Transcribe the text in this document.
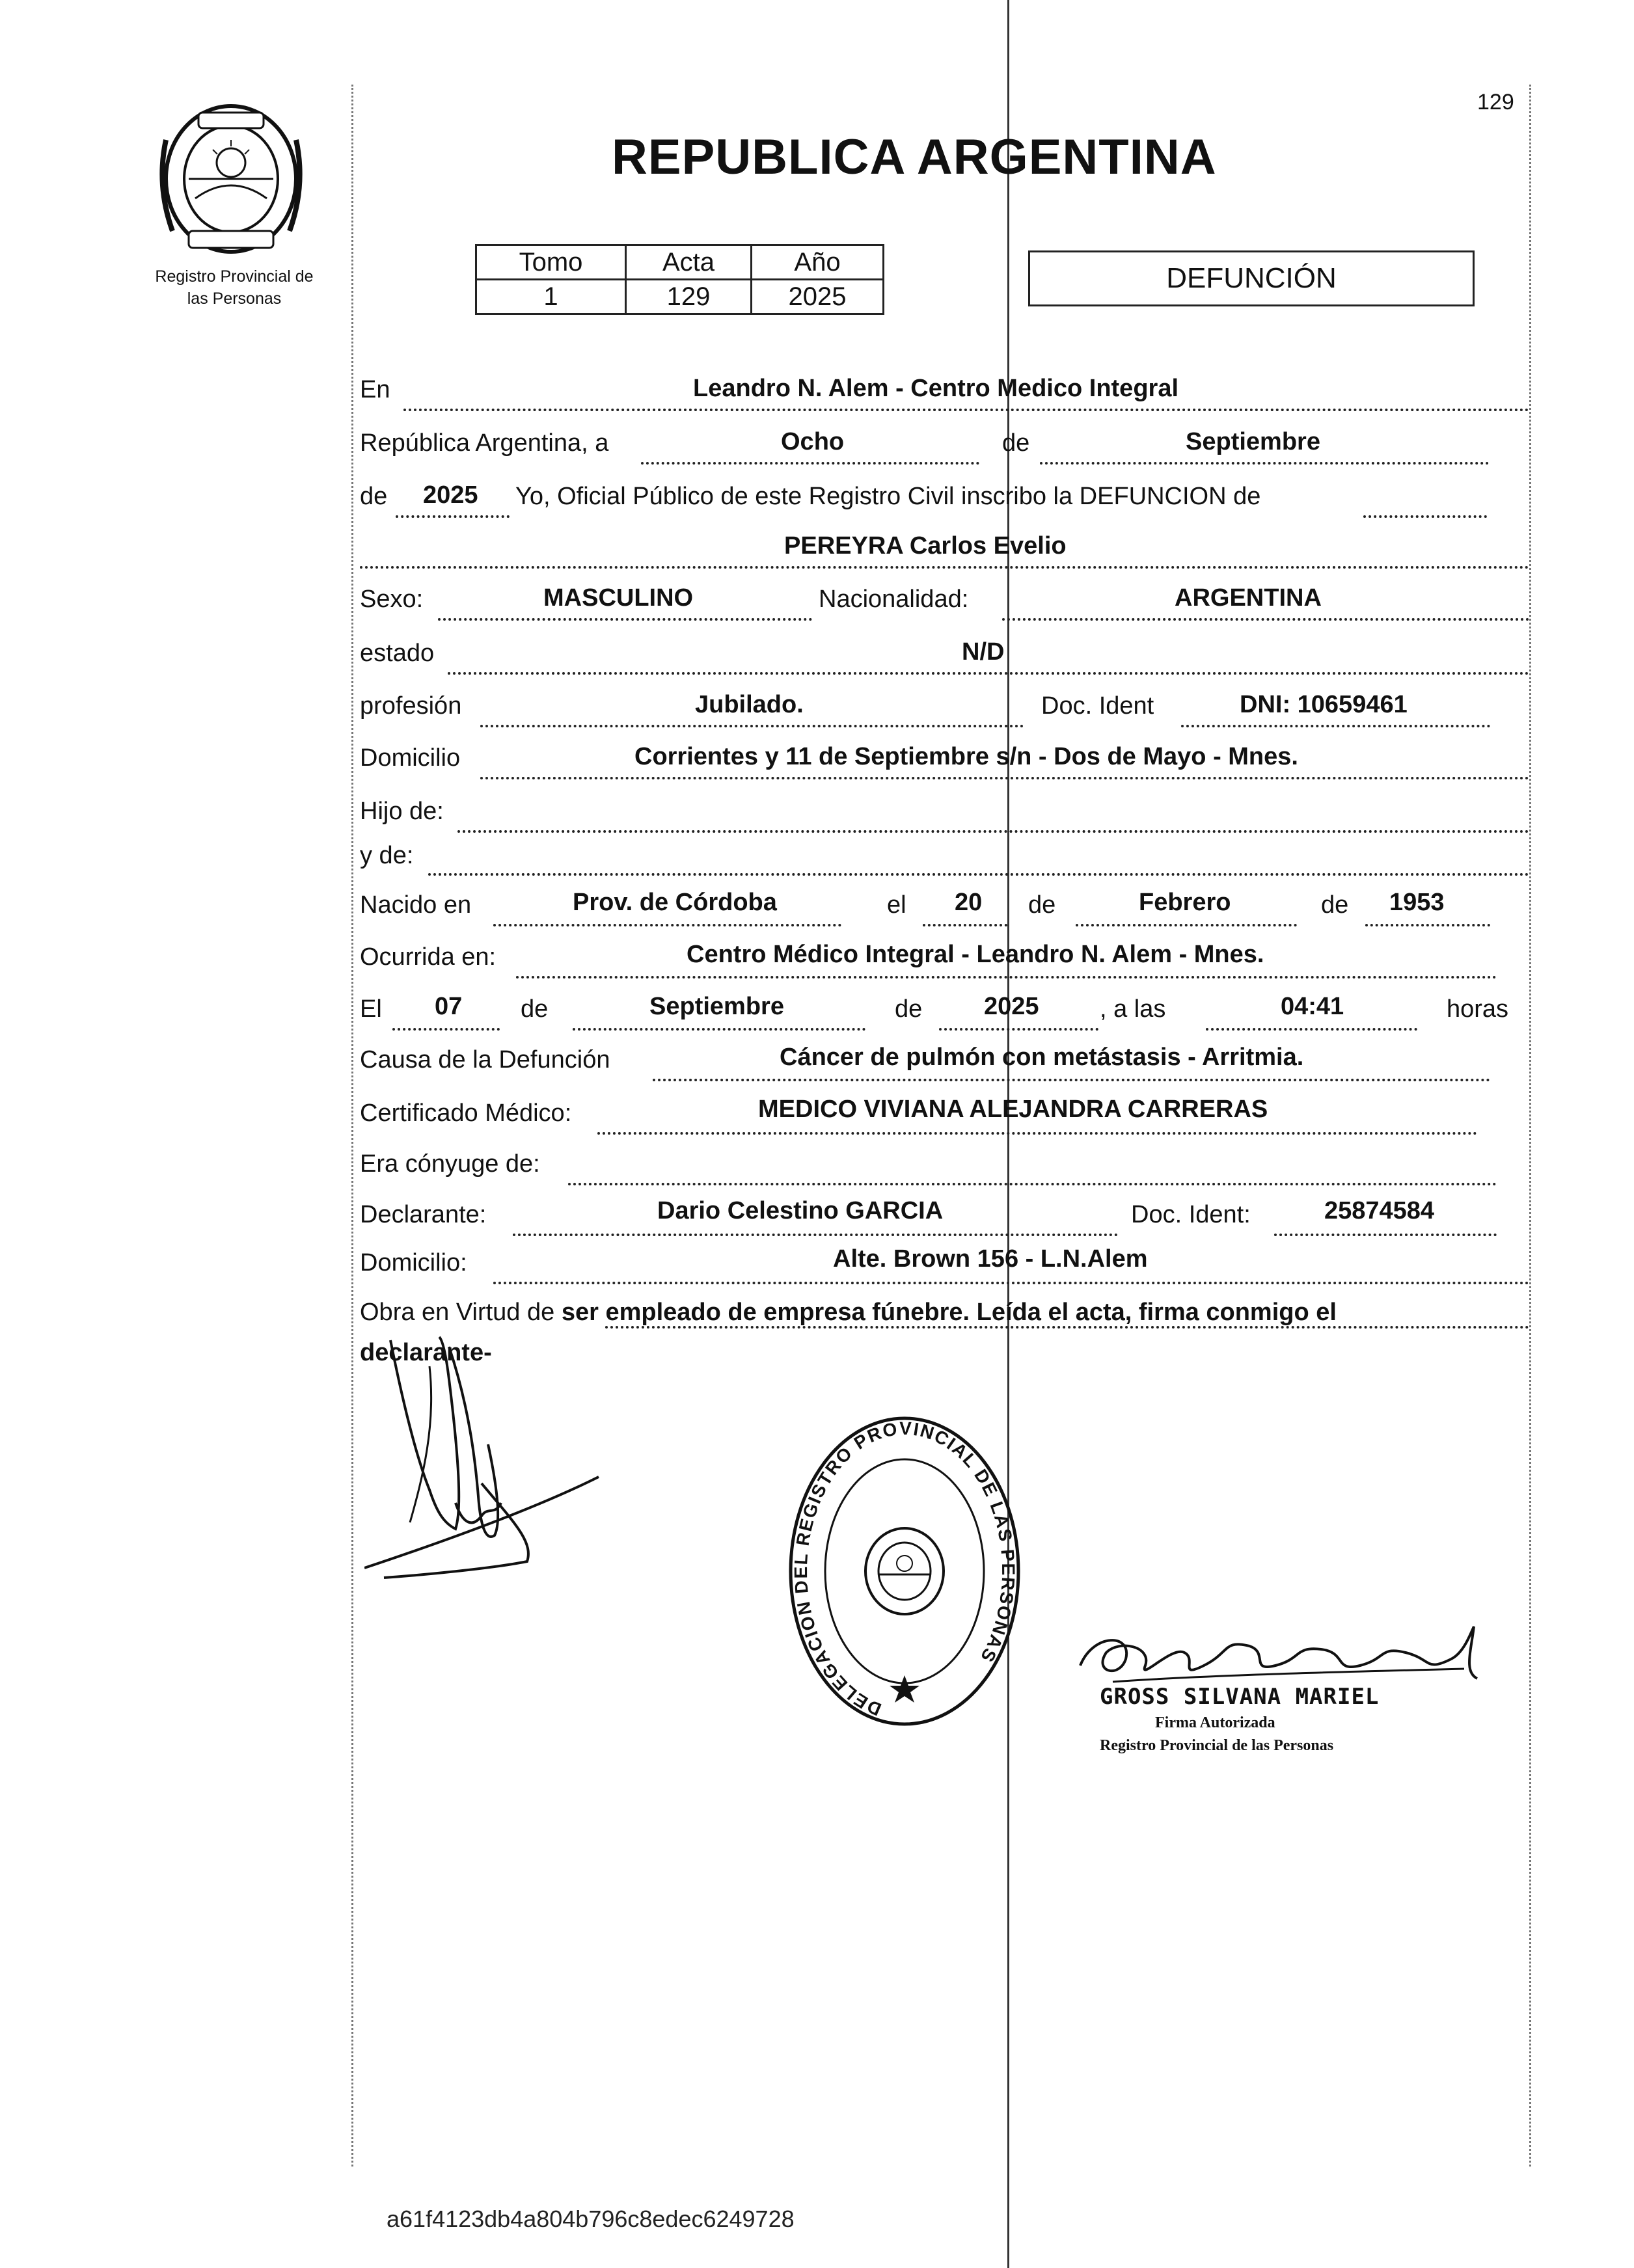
129
Registro Provincial de
las Personas
REPUBLICA ARGENTINA
Tomo	Acta	Año
1	129	2025
DEFUNCIÓN
En	Leandro N. Alem - Centro Medico Integral
República Argentina, a	Ocho	de	Septiembre
de 2025 Yo, Oficial Público de este Registro Civil inscribo la DEFUNCION de
PEREYRA Carlos Evelio
Sexo:	MASCULINO	Nacionalidad:	ARGENTINA
estado	N/D
profesión	Jubilado.	Doc. Ident	DNI: 10659461
Domicilio	Corrientes y 11 de Septiembre s/n - Dos de Mayo - Mnes.
Hijo de:
y de:
Nacido en	Prov. de Córdoba	el 20 de	Febrero	de 1953
Ocurrida en:	Centro Médico Integral - Leandro N. Alem - Mnes.
El 07 de	Septiembre	de 2025 , a las	04:41	horas
Causa de la Defunción	Cáncer de pulmón con metástasis - Arritmia.
Certificado Médico:	MEDICO VIVIANA ALEJANDRA CARRERAS
Era cónyuge de:
Declarante:	Dario Celestino GARCIA	Doc. Ident:	25874584
Domicilio:	Alte. Brown 156 - L.N.Alem
Obra en Virtud de ser empleado de empresa fúnebre. Leída el acta, firma conmigo el
declarante-
DELEGACION DEL REGISTRO PROVINCIAL DE LAS PERSONAS
GROSS SILVANA MARIEL
Firma Autorizada
Registro Provincial de las Personas
a61f4123db4a804b796c8edec6249728
